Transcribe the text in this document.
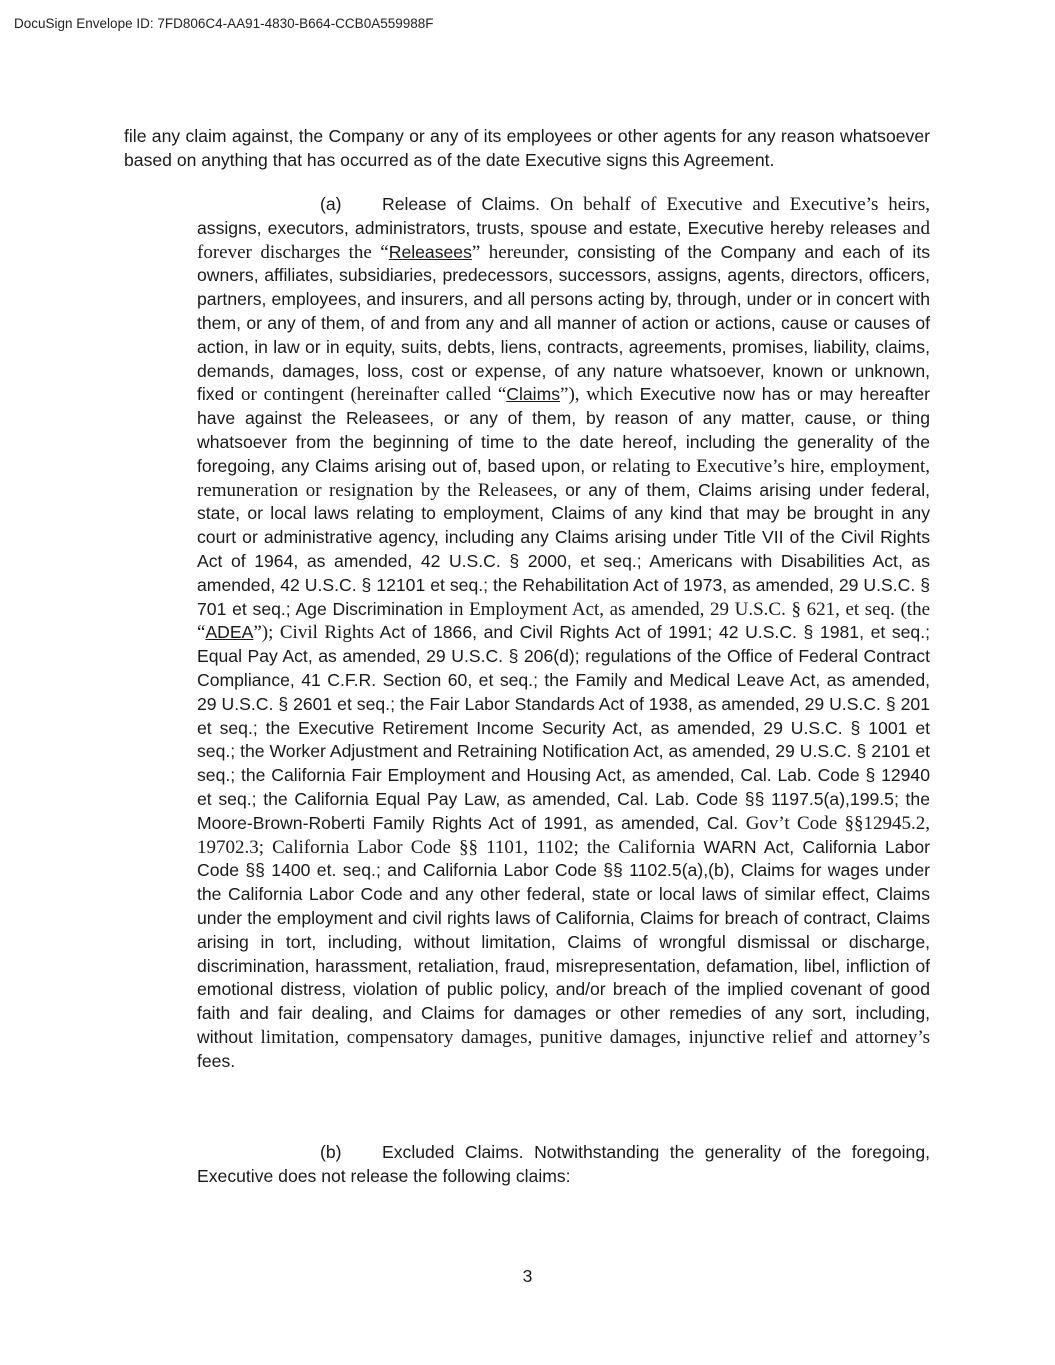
DocuSign Envelope ID: 7FD806C4-AA91-4830-B664-CCB0A559988F
file any claim against, the Company or any of its employees or other agents for any reason whatsoever based on anything that has occurred as of the date Executive signs this Agreement.
(a) Release of Claims. On behalf of Executive and Executive’s heirs, assigns, executors, administrators, trusts, spouse and estate, Executive hereby releases and forever discharges the “Releasees” hereunder, consisting of the Company and each of its owners, affiliates, subsidiaries, predecessors, successors, assigns, agents, directors, officers, partners, employees, and insurers, and all persons acting by, through, under or in concert with them, or any of them, of and from any and all manner of action or actions, cause or causes of action, in law or in equity, suits, debts, liens, contracts, agreements, promises, liability, claims, demands, damages, loss, cost or expense, of any nature whatsoever, known or unknown, fixed or contingent (hereinafter called “Claims”), which Executive now has or may hereafter have against the Releasees, or any of them, by reason of any matter, cause, or thing whatsoever from the beginning of time to the date hereof, including the generality of the foregoing, any Claims arising out of, based upon, or relating to Executive’s hire, employment, remuneration or resignation by the Releasees, or any of them, Claims arising under federal, state, or local laws relating to employment, Claims of any kind that may be brought in any court or administrative agency, including any Claims arising under Title VII of the Civil Rights Act of 1964, as amended, 42 U.S.C. § 2000, et seq.; Americans with Disabilities Act, as amended, 42 U.S.C. § 12101 et seq.; the Rehabilitation Act of 1973, as amended, 29 U.S.C. § 701 et seq.; Age Discrimination in Employment Act, as amended, 29 U.S.C. § 621, et seq. (the “ADEA”); Civil Rights Act of 1866, and Civil Rights Act of 1991; 42 U.S.C. § 1981, et seq.; Equal Pay Act, as amended, 29 U.S.C. § 206(d); regulations of the Office of Federal Contract Compliance, 41 C.F.R. Section 60, et seq.; the Family and Medical Leave Act, as amended, 29 U.S.C. § 2601 et seq.; the Fair Labor Standards Act of 1938, as amended, 29 U.S.C. § 201 et seq.; the Executive Retirement Income Security Act, as amended, 29 U.S.C. § 1001 et seq.; the Worker Adjustment and Retraining Notification Act, as amended, 29 U.S.C. § 2101 et seq.; the California Fair Employment and Housing Act, as amended, Cal. Lab. Code § 12940 et seq.; the California Equal Pay Law, as amended, Cal. Lab. Code §§ 1197.5(a),199.5; the Moore-Brown-Roberti Family Rights Act of 1991, as amended, Cal. Gov’t Code §§12945.2, 19702.3; California Labor Code §§ 1101, 1102; the California WARN Act, California Labor Code §§ 1400 et. seq.; and California Labor Code §§ 1102.5(a),(b), Claims for wages under the California Labor Code and any other federal, state or local laws of similar effect, Claims under the employment and civil rights laws of California, Claims for breach of contract, Claims arising in tort, including, without limitation, Claims of wrongful dismissal or discharge, discrimination, harassment, retaliation, fraud, misrepresentation, defamation, libel, infliction of emotional distress, violation of public policy, and/or breach of the implied covenant of good faith and fair dealing, and Claims for damages or other remedies of any sort, including, without limitation, compensatory damages, punitive damages, injunctive relief and attorney’s fees.
(b) Excluded Claims. Notwithstanding the generality of the foregoing, Executive does not release the following claims:
3
